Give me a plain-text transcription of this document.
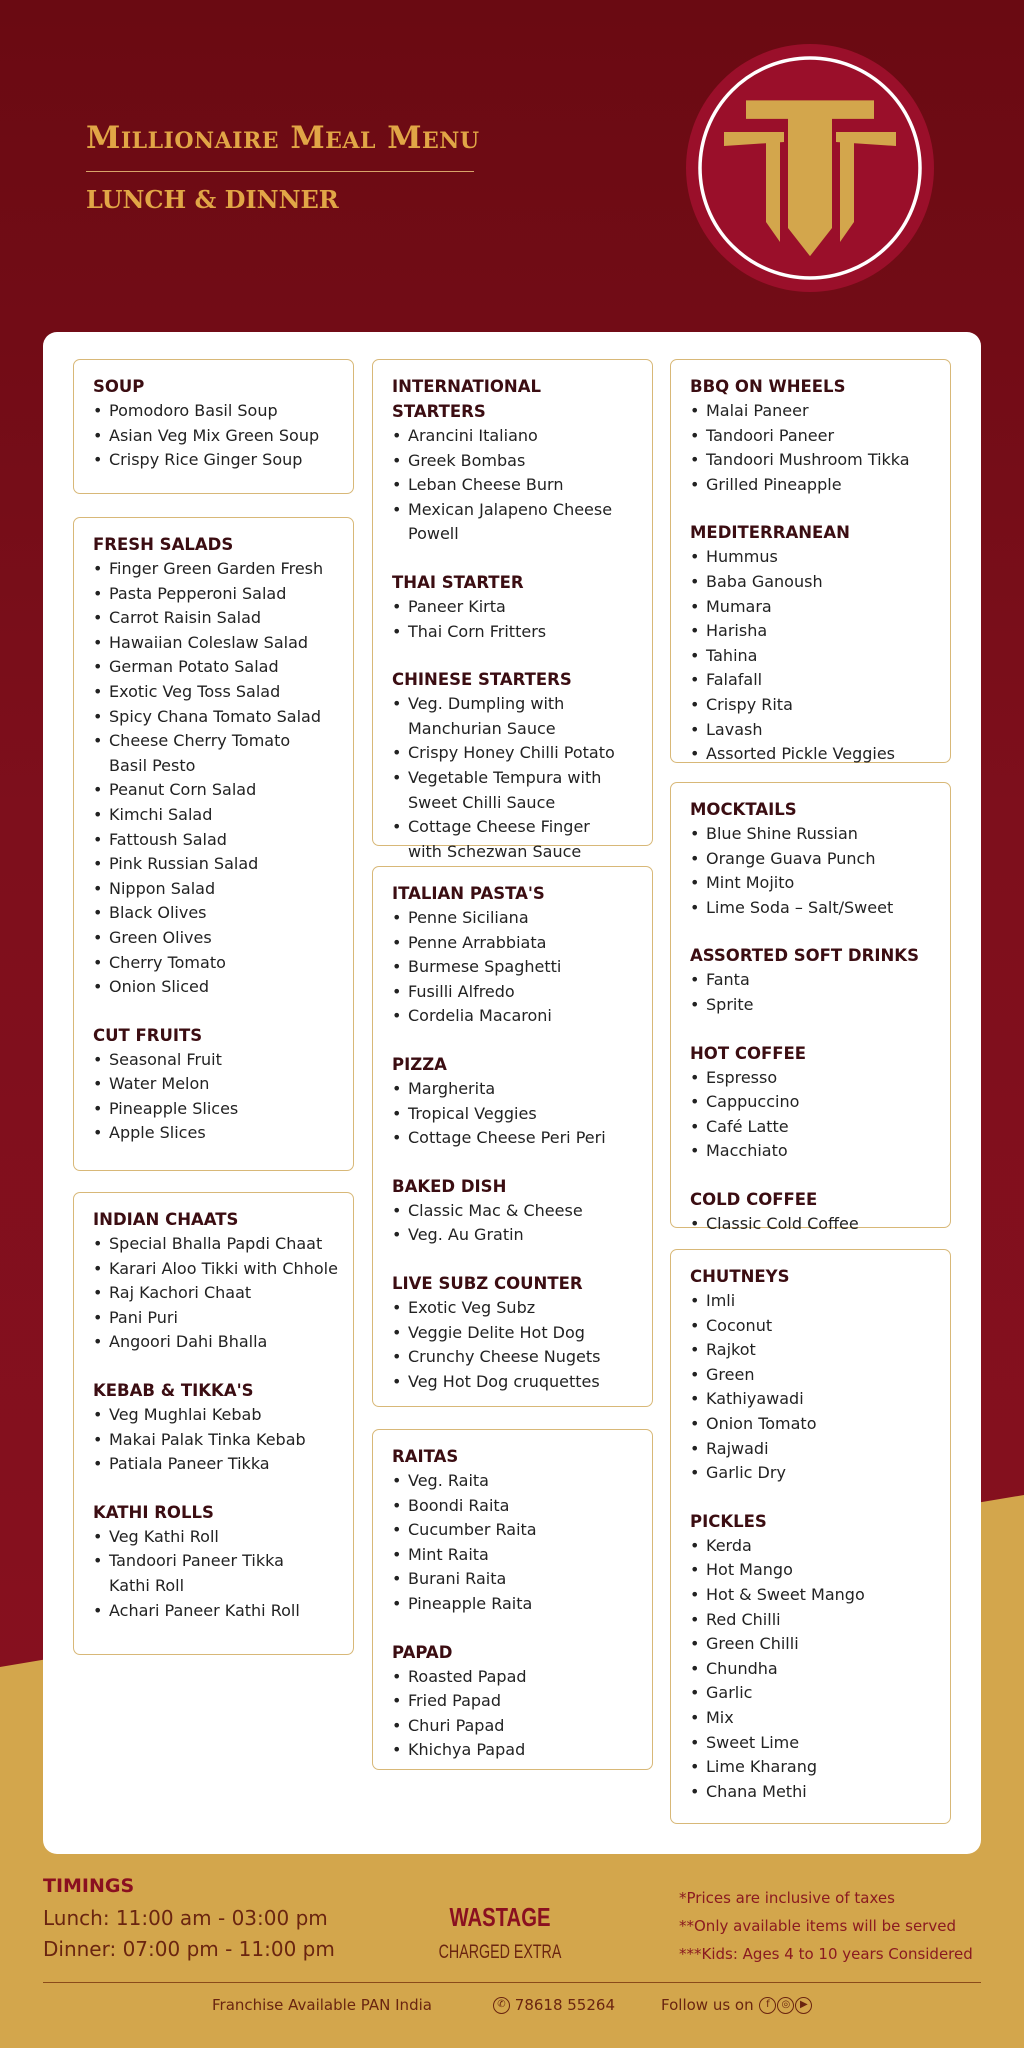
Millionaire Meal Menu
LUNCH & DINNER
SOUP
• Pomodoro Basil Soup
• Asian Veg Mix Green Soup
• Crispy Rice Ginger Soup
FRESH SALADS
• Finger Green Garden Fresh
• Pasta Pepperoni Salad
• Carrot Raisin Salad
• Hawaiian Coleslaw Salad
• German Potato Salad
• Exotic Veg Toss Salad
• Spicy Chana Tomato Salad
• Cheese Cherry Tomato
Basil Pesto
• Peanut Corn Salad
• Kimchi Salad
• Fattoush Salad
• Pink Russian Salad
• Nippon Salad
• Black Olives
• Green Olives
• Cherry Tomato
• Onion Sliced
CUT FRUITS
• Seasonal Fruit
• Water Melon
• Pineapple Slices
• Apple Slices
INDIAN CHAATS
• Special Bhalla Papdi Chaat
• Karari Aloo Tikki with Chhole
• Raj Kachori Chaat
• Pani Puri
• Angoori Dahi Bhalla
KEBAB & TIKKA'S
• Veg Mughlai Kebab
• Makai Palak Tinka Kebab
• Patiala Paneer Tikka
KATHI ROLLS
• Veg Kathi Roll
• Tandoori Paneer Tikka
Kathi Roll
• Achari Paneer Kathi Roll
INTERNATIONAL STARTERS
• Arancini Italiano
• Greek Bombas
• Leban Cheese Burn
• Mexican Jalapeno Cheese
Powell
THAI STARTER
• Paneer Kirta
• Thai Corn Fritters
CHINESE STARTERS
• Veg. Dumpling with
Manchurian Sauce
• Crispy Honey Chilli Potato
• Vegetable Tempura with
Sweet Chilli Sauce
• Cottage Cheese Finger
with Schezwan Sauce
ITALIAN PASTA'S
• Penne Siciliana
• Penne Arrabbiata
• Burmese Spaghetti
• Fusilli Alfredo
• Cordelia Macaroni
PIZZA
• Margherita
• Tropical Veggies
• Cottage Cheese Peri Peri
BAKED DISH
• Classic Mac & Cheese
• Veg. Au Gratin
LIVE SUBZ COUNTER
• Exotic Veg Subz
• Veggie Delite Hot Dog
• Crunchy Cheese Nugets
• Veg Hot Dog cruquettes
RAITAS
• Veg. Raita
• Boondi Raita
• Cucumber Raita
• Mint Raita
• Burani Raita
• Pineapple Raita
PAPAD
• Roasted Papad
• Fried Papad
• Churi Papad
• Khichya Papad
BBQ ON WHEELS
• Malai Paneer
• Tandoori Paneer
• Tandoori Mushroom Tikka
• Grilled Pineapple
MEDITERRANEAN
• Hummus
• Baba Ganoush
• Mumara
• Harisha
• Tahina
• Falafall
• Crispy Rita
• Lavash
• Assorted Pickle Veggies
MOCKTAILS
• Blue Shine Russian
• Orange Guava Punch
• Mint Mojito
• Lime Soda – Salt/Sweet
ASSORTED SOFT DRINKS
• Fanta
• Sprite
HOT COFFEE
• Espresso
• Cappuccino
• Café Latte
• Macchiato
COLD COFFEE
• Classic Cold Coffee
CHUTNEYS
• Imli
• Coconut
• Rajkot
• Green
• Kathiyawadi
• Onion Tomato
• Rajwadi
• Garlic Dry
PICKLES
• Kerda
• Hot Mango
• Hot & Sweet Mango
• Red Chilli
• Green Chilli
• Chundha
• Garlic
• Mix
• Sweet Lime
• Lime Kharang
• Chana Methi
TIMINGS
Lunch: 11:00 am - 03:00 pm
Dinner: 07:00 pm - 11:00 pm
WASTAGE
CHARGED EXTRA
*Prices are inclusive of taxes
**Only available items will be served
***Kids: Ages 4 to 10 years Considered
Franchise Available PAN India	✆ 78618 55264	Follow us on f ◎ ▶
